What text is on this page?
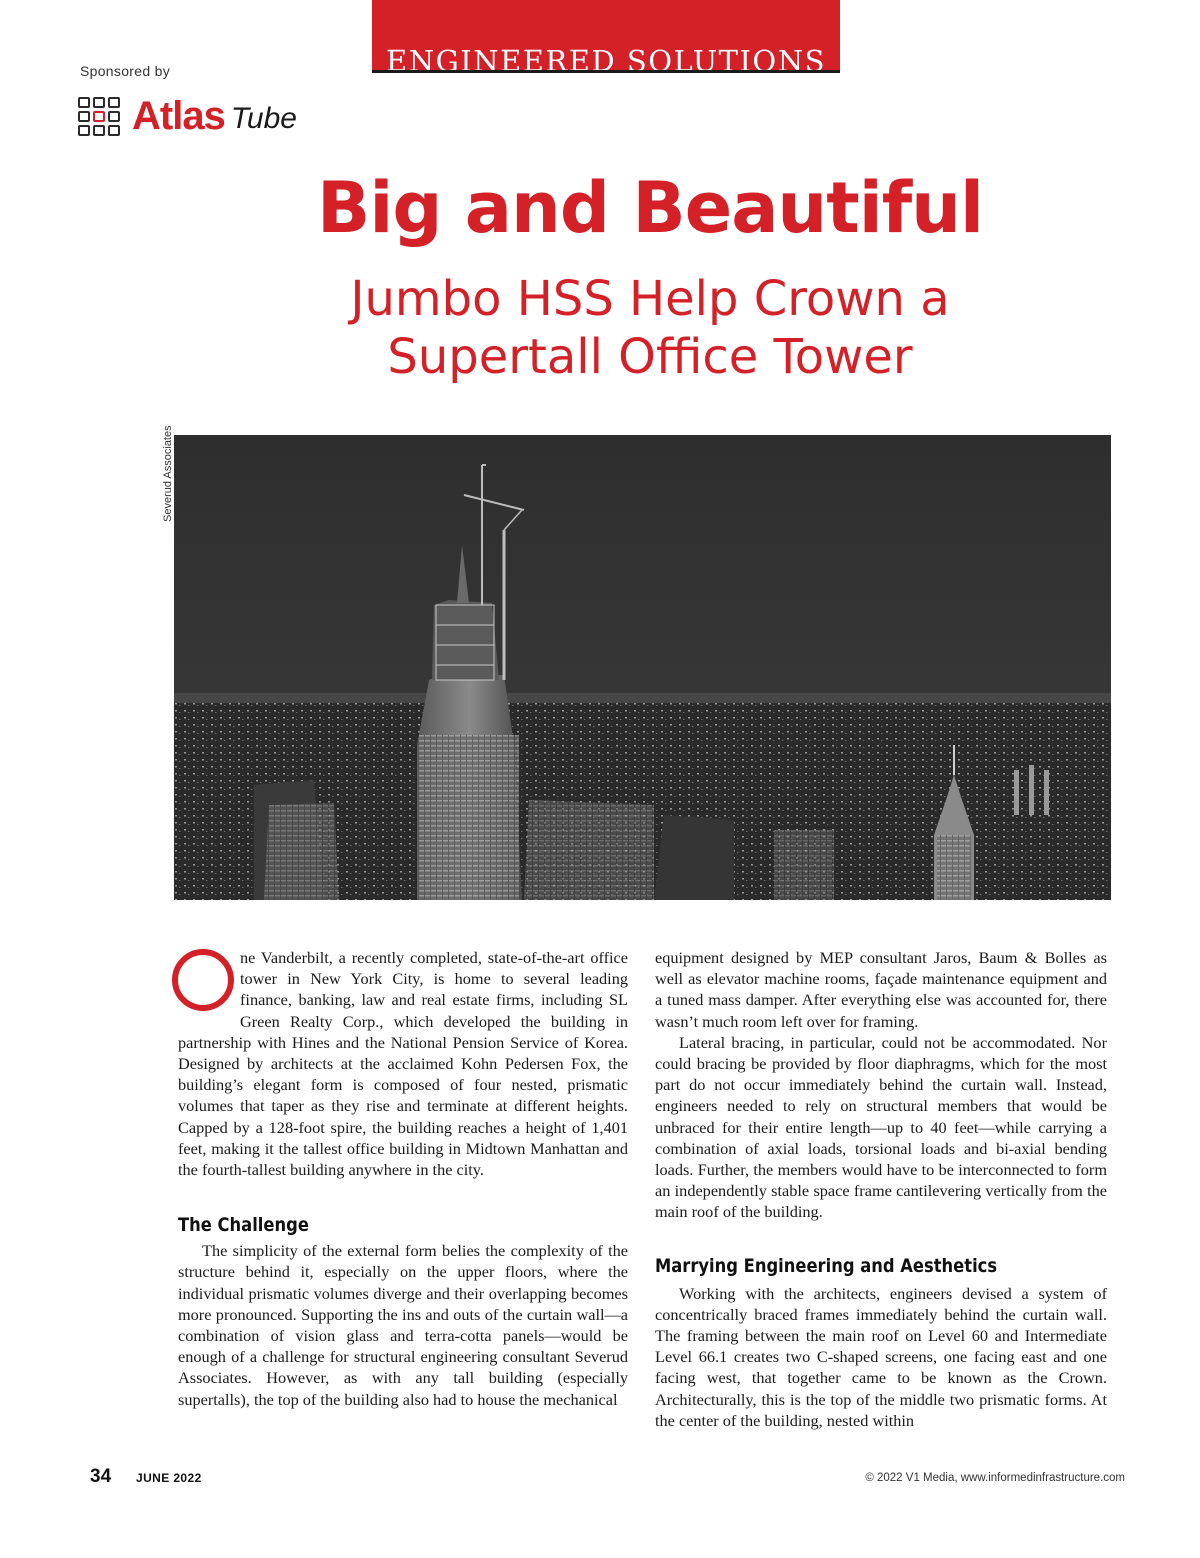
ENGINEERED SOLUTIONS
Sponsored by
Atlas Tube
Big and Beautiful
Jumbo HSS Help Crown a
Supertall Office Tower
Severud Associates

ne Vanderbilt, a recently completed, state-of-the-art office tower in New York City, is home to several leading finance, banking, law and real estate firms, including SL Green Realty Corp., which developed the building in partnership with Hines and the National Pension Service of Korea. Designed by architects at the acclaimed Kohn Pedersen Fox, the building’s elegant form is composed of four nested, prismatic volumes that taper as they rise and terminate at different heights. Capped by a 128-foot spire, the building reaches a height of 1,401 feet, making it the tallest office building in Midtown Manhattan and the fourth-tallest building anywhere in the city.

The Challenge

The simplicity of the external form belies the complexity of the structure behind it, especially on the upper floors, where the individual prismatic volumes diverge and their overlapping becomes more pronounced. Supporting the ins and outs of the curtain wall—a combination of vision glass and terra-cotta panels—would be enough of a challenge for structural engineering consultant Severud Associates. However, as with any tall building (especially supertalls), the top of the building also had to house the mechanical

equipment designed by MEP consultant Jaros, Baum & Bolles as well as elevator machine rooms, façade maintenance equipment and a tuned mass damper. After everything else was accounted for, there wasn’t much room left over for framing.

Lateral bracing, in particular, could not be accommodated. Nor could bracing be provided by floor diaphragms, which for the most part do not occur immediately behind the curtain wall. Instead, engineers needed to rely on structural members that would be unbraced for their entire length—up to 40 feet—while carrying a combination of axial loads, torsional loads and bi-axial bending loads. Further, the members would have to be interconnected to form an independently stable space frame cantilevering vertically from the main roof of the building.

Marrying Engineering and Aesthetics

Working with the architects, engineers devised a system of concentrically braced frames immediately behind the curtain wall. The framing between the main roof on Level 60 and Intermediate Level 66.1 creates two C-shaped screens, one facing east and one facing west, that together came to be known as the Crown. Architecturally, this is the top of the middle two prismatic forms. At the center of the building, nested within

34 JUNE 2022	© 2022 V1 Media, www.informedinfrastructure.com
